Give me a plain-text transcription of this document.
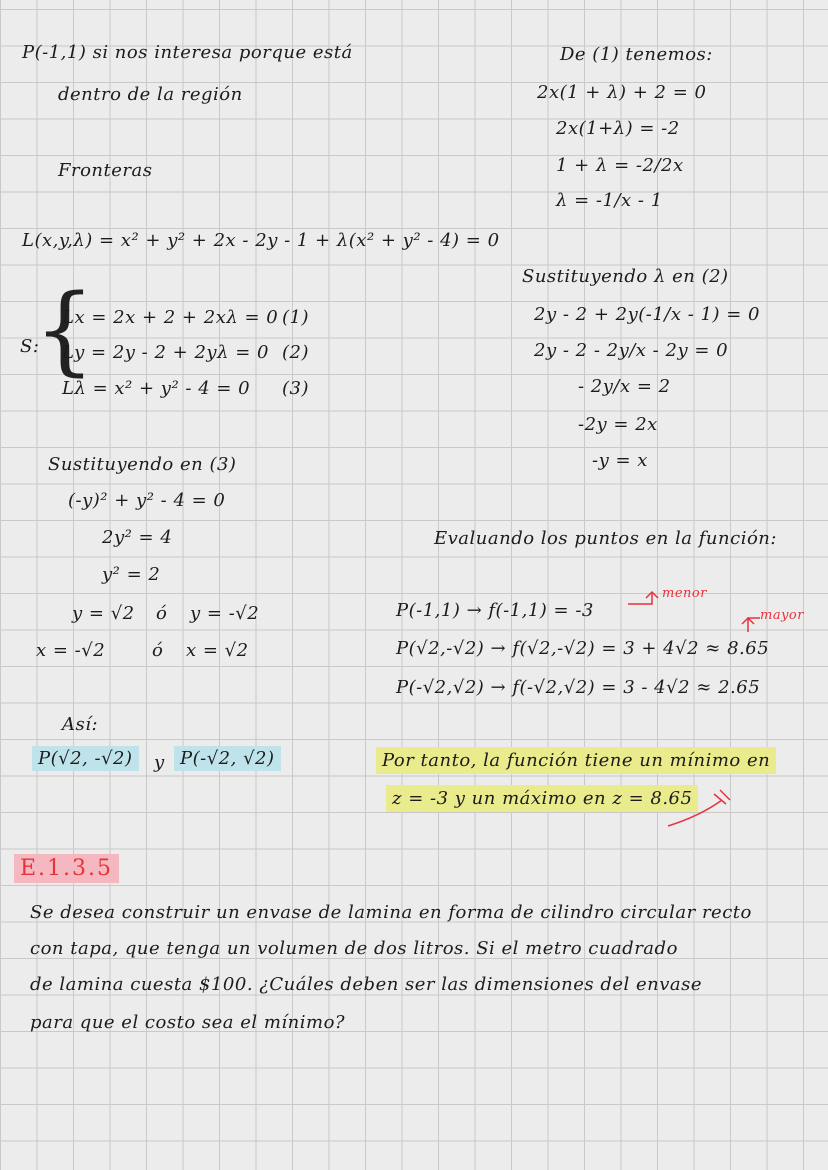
P(-1,1) si nos interesa porque está
dentro de la región
Fronteras
L(x,y,λ) = x² + y² + 2x - 2y - 1 + λ(x² + y² - 4) = 0
S:
{
Lx = 2x + 2 + 2xλ = 0 (1)
Ly = 2y - 2 + 2yλ = 0 (2)
Lλ = x² + y² - 4 = 0 (3)
Sustituyendo en (3)
(-y)² + y² - 4 = 0
2y² = 4
y² = 2
y = √2 ó y = -√2
x = -√2	ó x = √2
Así:
P(√2, -√2)	y P(-√2, √2)
De (1) tenemos:
2x(1 + λ) + 2 = 0
2x(1+λ) = -2
1 + λ = -2/2x
λ = -1/x - 1
Sustituyendo λ en (2)
2y - 2 + 2y(-1/x - 1) = 0
2y - 2 - 2y/x - 2y = 0
- 2y/x = 2
-2y = 2x
-y = x
Evaluando los puntos en la función:
P(-1,1) → f(-1,1) = -3
P(√2,-√2) → f(√2,-√2) = 3 + 4√2 ≈ 8.65
P(-√2,√2) → f(-√2,√2) = 3 - 4√2 ≈ 2.65
menor
mayor
Por tanto, la función tiene un mínimo en
z = -3 y un máximo en z = 8.65
E.1.3.5
Se desea construir un envase de lamina en forma de cilindro circular recto
con tapa, que tenga un volumen de dos litros. Si el metro cuadrado
de lamina cuesta $100. ¿Cuáles deben ser las dimensiones del envase
para que el costo sea el mínimo?
